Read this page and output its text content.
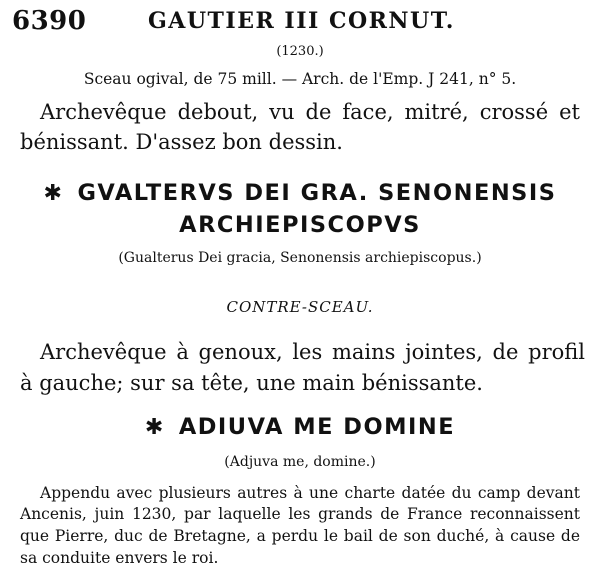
6390	GAUTIER III CORNUT.
(1230.)
Sceau ogival, de 75 mill. — Arch. de l'Emp. J 241, n° 5.
Archevêque debout, vu de face, mitré, crossé et
bénissant. D'assez bon dessin.
✱ GVALTERVS DEI GRA. SENONENSIS
ARCHIEPISCOPVS
(Gualterus Dei gracia, Senonensis archiepiscopus.)
CONTRE-SCEAU.
Archevêque à genoux, les mains jointes, de profil
à gauche; sur sa tête, une main bénissante.
✱ ADIUVA ME DOMINE
(Adjuva me, domine.)
Appendu avec plusieurs autres à une charte datée du camp devant
Ancenis, juin 1230, par laquelle les grands de France reconnaissent
que Pierre, duc de Bretagne, a perdu le bail de son duché, à cause de
sa conduite envers le roi.
